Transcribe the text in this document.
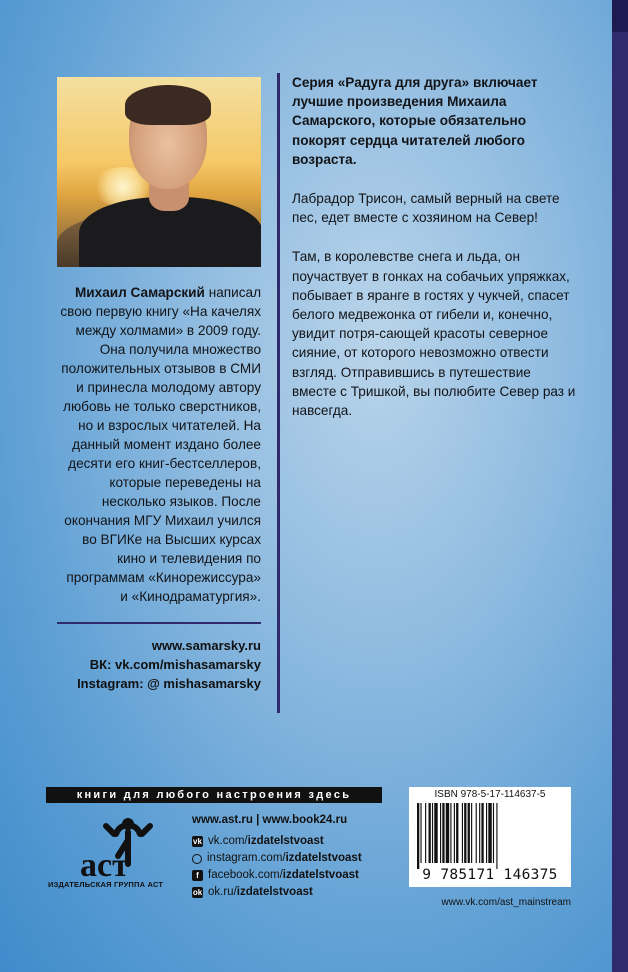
Михаил Самарский написал
свою первую книгу «На качелях
между холмами» в 2009 году.
Она получила множество
положительных отзывов в СМИ
и принесла молодому автору
любовь не только сверстников,
но и взрослых читателей. На
данный момент издано более
десяти его книг-бестселлеров,
которые переведены на
несколько языков. После
окончания МГУ Михаил учился
во ВГИКе на Высших курсах
кино и телевидения по
программам «Кинорежиссура»
и «Кинодраматургия».

www.samarsky.ru
ВК: vk.com/mishasamarsky
Instagram: @ mishasamarsky

Серия «Радуга для друга» включает лучшие произведения Михаила Самарского, которые обязательно покорят сердца читателей любого возраста.

Лабрадор Трисон, самый верный на свете пес, едет вместе с хозяином на Север!

Там, в королевстве снега и льда, он поучаствует в гонках на собачьих упряжках, побывает в яранге в гостях у чукчей, спасет белого медвежонка от гибели и, конечно, увидит потря-сающей красоты северное сияние, от которого невозможно отвести взгляд. Отправившись в путешествие вместе с Тришкой, вы полюбите Север раз и навсегда.

книги для любого настроения здесь
aст
ИЗДАТЕЛЬСКАЯ ГРУППА АСТ
www.ast.ru | www.book24.ru
vk vk.com/ izdatelstvoast
instagram.com/ izdatelstvoast
f facebook.com/ izdatelstvoast
ok ok.ru/ izdatelstvoast
ISBN 978-5-17-114637-5
9 785171 146375
www.vk.com/ast_mainstream
